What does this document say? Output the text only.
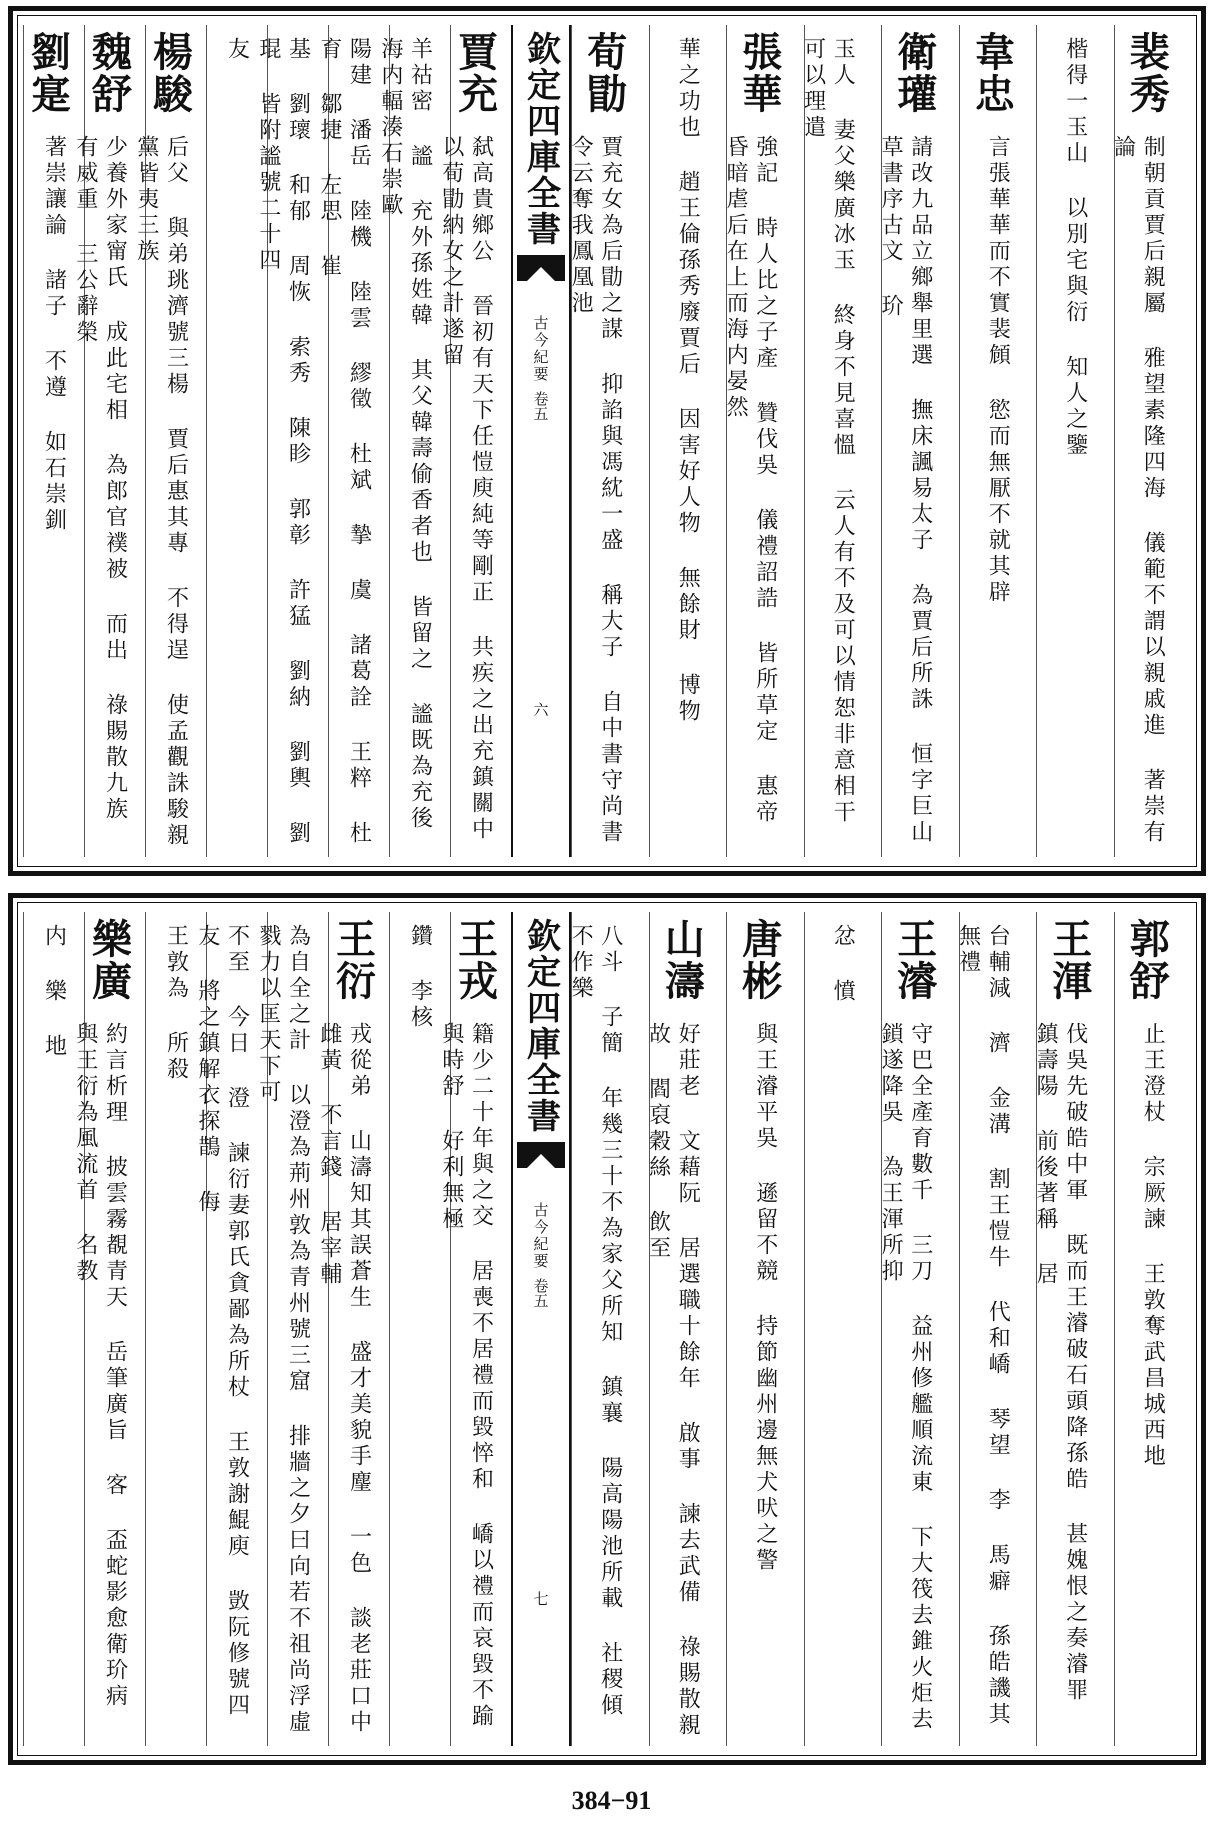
欽定四庫全書
古今紀要
卷五
六
裴秀
制朝貢賈后親屬 雅望素隆四海 儀範不謂以親戚進 著崇有論
楷得一玉山 以別宅與衍 知人之鑒
韋忠
言張華華而不實裴頠 慾而無厭不就其辟
衛瓘
請改九品立鄉舉里選 撫床諷易太子 為賈后所誅 恒字巨山 草書序古文 玠
玉人 妻父樂廣冰玉 終身不見喜慍 云人有不及可以情恕非意相干可以理遣
張華
強記 時人比之子產 贊伐吳 儀禮詔誥 皆所草定 惠帝昏暗虐后在上而海内晏然
華之功也 趙王倫孫秀廢賈后 因害好人物 無餘財 博物
荀勖
賈充女為后勖之謀 抑諂與馮紞一盛 稱大子 自中書守尚書令云奪我鳳凰池
賈充
弑高貴鄉公 晉初有天下任愷庾純等剛正 共疾之出充鎮關中 以荀勖納女之計遂留
羊祜密 謐 充外孫姓韓 其父韓壽偷香者也 皆留之 謐既為充後海内輻湊石崇歐
陽建 潘岳 陸機 陸雲 繆徵 杜斌 摯 虞 諸葛詮 王粹 杜育 鄒捷 左思 崔
基 劉瓌 和郁 周恢 索秀 陳眕 郭彰 許猛 劉納 劉輿 劉琨 皆附謐號二十四
友
楊駿
后父 與弟珧濟號三楊 賈后惠其專 不得逞 使孟觀誅駿親黨皆夷三族
魏舒
少養外家甯氏 成此宅相 為郎官襆被 而出 祿賜散九族 有威重 三公辭榮
劉寔
著崇讓論 諸子 不遵 如石崇釧
欽定四庫全書
古今紀要
卷五
七
郭舒
止王澄杖 宗厥諫 王敦奪武昌城西地
王渾
伐吳先破皓中軍 既而王濬破石頭降孫皓 甚媿恨之奏濬罪 鎮壽陽 前後著稱 居
台輔減 濟 金溝 割王愷牛 代和嶠 琴望 李 馬癖 孫皓譏其無禮
王濬
守巴全產育數千 三刀 益州修艦順流東 下大筏去錐火炬去鎖遂降吳 為王渾所抑
忿 憤
唐彬
與王濬平吳 遜留不競 持節幽州邊無犬吠之警
山濤
好莊老 文藉阮 居選職十餘年 啟事 諫去武備 祿賜散親故 閻裒穀絲 飲至
八斗 子簡 年幾三十不為家父所知 鎮襄 陽高陽池所載 社稷傾不作樂
王戎
籍少二十年與之交 居喪不居禮而毀悴和 嶠以禮而哀毀不踰 與時舒 好利無極
鑽 李核
王衍
戎從弟 山濤知其誤蒼生 盛才美貌手麈 一色 談老莊口中雌黃 不言錢 居宰輔
為自全之計 以澄為荊州敦為青州號三窟 排牆之夕曰向若不祖尚浮虛戮力以匡天下可
不至 今日 澄 諫衍妻郭氏貪鄙為所杖 王敦謝鯤庾 敳阮修號四友 將之鎮解衣探鵲 侮
王敦為 所殺
樂廣
約言析理 披雲霧覩青天 岳筆廣旨 客 盃蛇影愈衛玠病 與王衍為風流首 名教
内 樂 地
384−91
